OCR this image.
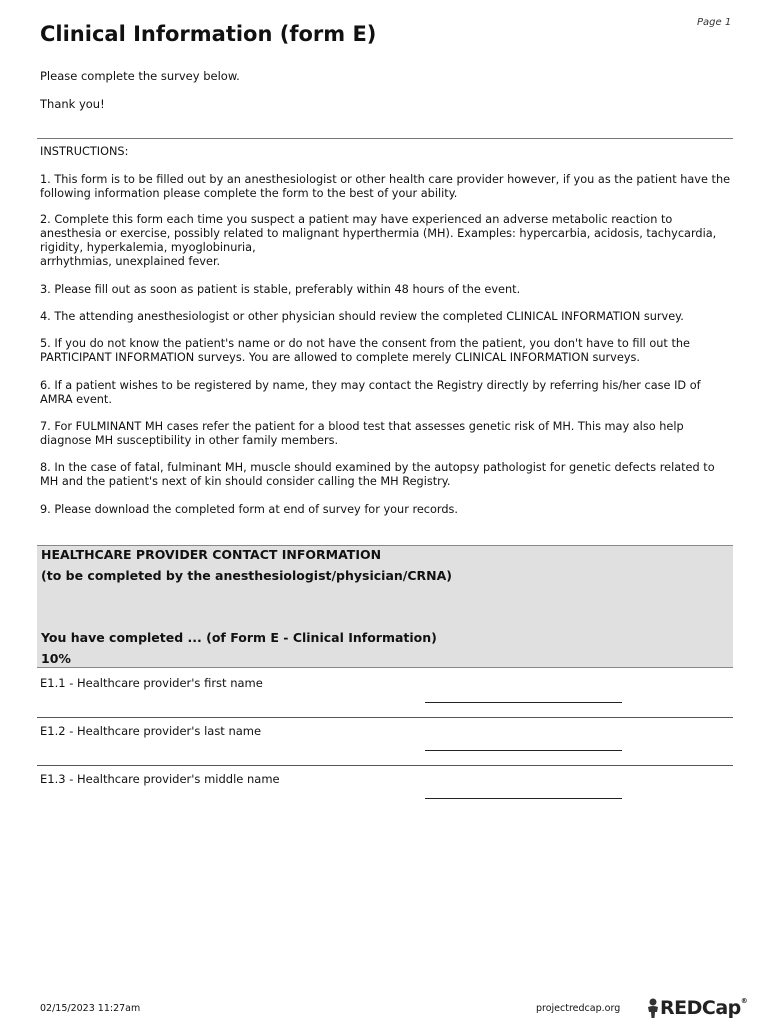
Page 1
Clinical Information (form E)
Please complete the survey below.
Thank you!
INSTRUCTIONS:
1. This form is to be filled out by an anesthesiologist or other health care provider however, if you as the patient have the following information please complete the form to the best of your ability.
2. Complete this form each time you suspect a patient may have experienced an adverse metabolic reaction to anesthesia or exercise, possibly related to malignant hyperthermia (MH). Examples: hypercarbia, acidosis, tachycardia, rigidity, hyperkalemia, myoglobinuria,
arrhythmias, unexplained fever.
3. Please fill out as soon as patient is stable, preferably within 48 hours of the event.
4. The attending anesthesiologist or other physician should review the completed CLINICAL INFORMATION survey.
5. If you do not know the patient's name or do not have the consent from the patient, you don't have to fill out the PARTICIPANT INFORMATION surveys. You are allowed to complete merely CLINICAL INFORMATION surveys.
6. If a patient wishes to be registered by name, they may contact the Registry directly by referring his/her case ID of AMRA event.
7. For FULMINANT MH cases refer the patient for a blood test that assesses genetic risk of MH. This may also help diagnose MH susceptibility in other family members.
8. In the case of fatal, fulminant MH, muscle should examined by the autopsy pathologist for genetic defects related to MH and the patient's next of kin should consider calling the MH Registry.
9. Please download the completed form at end of survey for your records.
HEALTHCARE PROVIDER CONTACT INFORMATION
(to be completed by the anesthesiologist/physician/CRNA)
You have completed ... (of Form E - Clinical Information)
10%
E1.1 - Healthcare provider's first name
E1.2 - Healthcare provider's last name
E1.3 - Healthcare provider's middle name
02/15/2023 11:27am	projectredcap.org REDCap®
